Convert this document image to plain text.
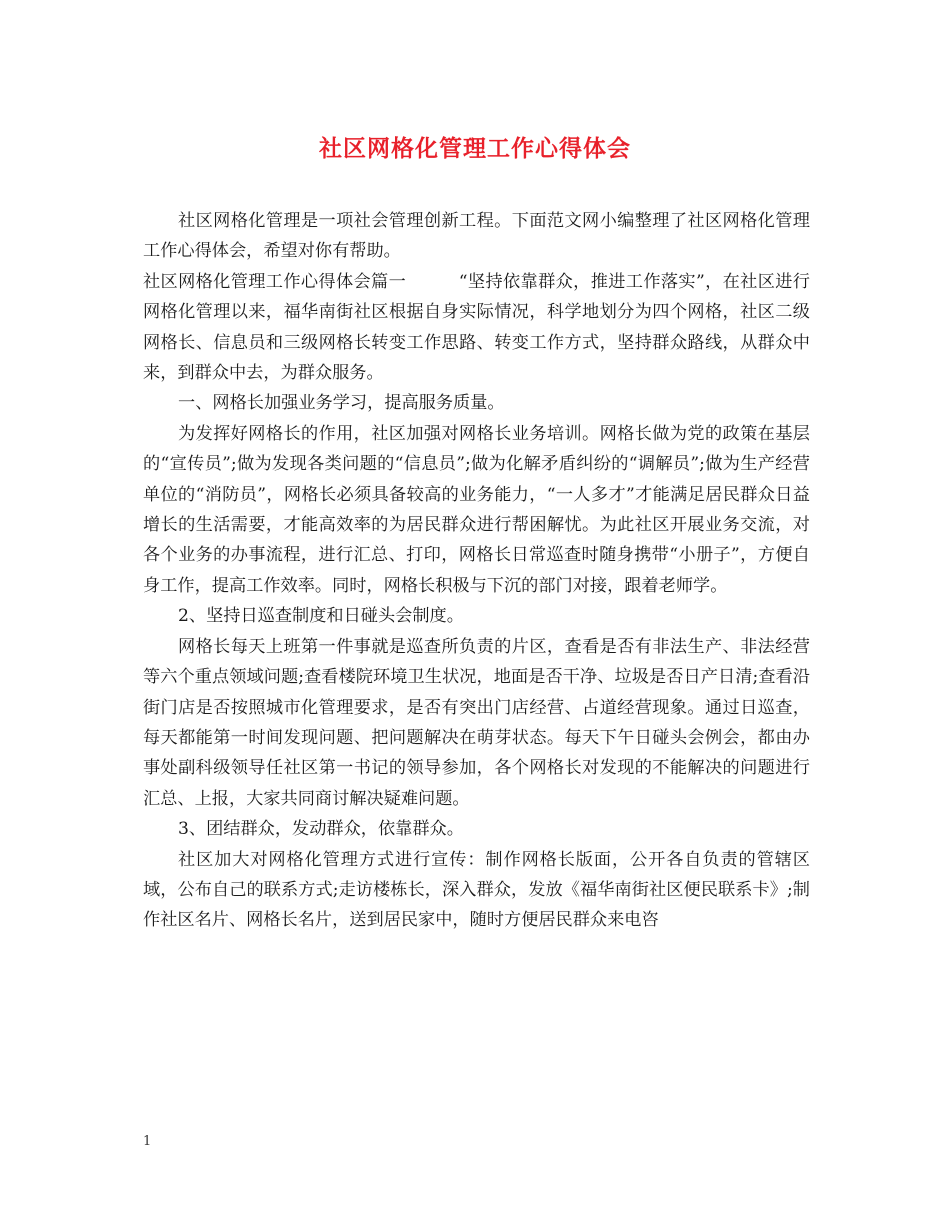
社区网格化管理工作心得体会

社区网格化管理是一项社会管理创新工程。下面范文网小编整理了社区网格化管理工作心得体会，希望对你有帮助。

社区网格化管理工作心得体会篇一　　　“坚持依靠群众，推进工作落实”，在社区进行网格化管理以来，福华南街社区根据自身实际情况，科学地划分为四个网格，社区二级网格长、信息员和三级网格长转变工作思路、转变工作方式，坚持群众路线，从群众中来，到群众中去，为群众服务。

一、网格长加强业务学习，提高服务质量。

为发挥好网格长的作用，社区加强对网格长业务培训。网格长做为党的政策在基层的“宣传员”;做为发现各类问题的“信息员”;做为化解矛盾纠纷的“调解员”;做为生产经营单位的“消防员”，网格长必须具备较高的业务能力，“一人多才”才能满足居民群众日益增长的生活需要，才能高效率的为居民群众进行帮困解忧。为此社区开展业务交流，对各个业务的办事流程，进行汇总、打印，网格长日常巡查时随身携带“小册子”，方便自身工作，提高工作效率。同时，网格长积极与下沉的部门对接，跟着老师学。

2、坚持日巡查制度和日碰头会制度。

网格长每天上班第一件事就是巡查所负责的片区，查看是否有非法生产、非法经营等六个重点领域问题;查看楼院环境卫生状况，地面是否干净、垃圾是否日产日清;查看沿街门店是否按照城市化管理要求，是否有突出门店经营、占道经营现象。通过日巡查，每天都能第一时间发现问题、把问题解决在萌芽状态。每天下午日碰头会例会，都由办事处副科级领导任社区第一书记的领导参加，各个网格长对发现的不能解决的问题进行汇总、上报，大家共同商讨解决疑难问题。

3、团结群众，发动群众，依靠群众。

社区加大对网格化管理方式进行宣传：制作网格长版面，公开各自负责的管辖区域，公布自己的联系方式;走访楼栋长，深入群众，发放《福华南街社区便民联系卡》;制作社区名片、网格长名片，送到居民家中，随时方便居民群众来电咨

1
